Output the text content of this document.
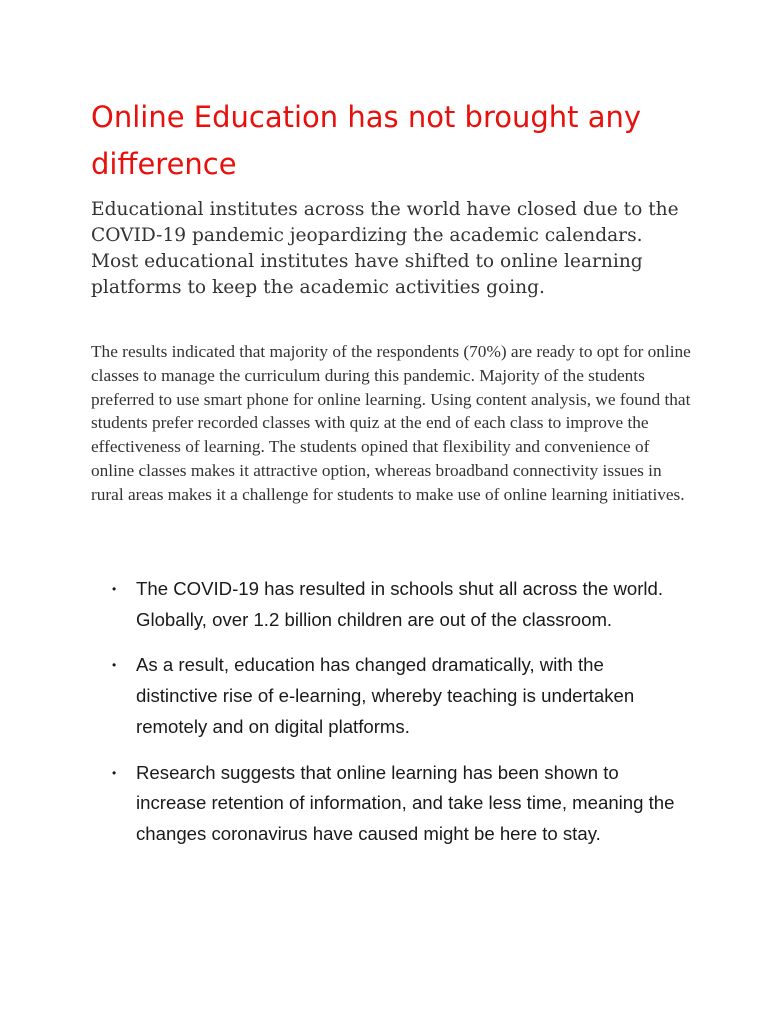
Online Education has not brought any difference

Educational institutes across the world have closed due to the COVID-19 pandemic jeopardizing the academic calendars. Most educational institutes have shifted to online learning platforms to keep the academic activities going.

The results indicated that majority of the respondents (70%) are ready to opt for online classes to manage the curriculum during this pandemic. Majority of the students preferred to use smart phone for online learning. Using content analysis, we found that students prefer recorded classes with quiz at the end of each class to improve the effectiveness of learning. The students opined that flexibility and convenience of online classes makes it attractive option, whereas broadband connectivity issues in rural areas makes it a challenge for students to make use of online learning initiatives.

• The COVID-19 has resulted in schools shut all across the world. Globally, over 1.2 billion children are out of the classroom.
• As a result, education has changed dramatically, with the distinctive rise of e-learning, whereby teaching is undertaken remotely and on digital platforms.
• Research suggests that online learning has been shown to increase retention of information, and take less time, meaning the changes coronavirus have caused might be here to stay.
